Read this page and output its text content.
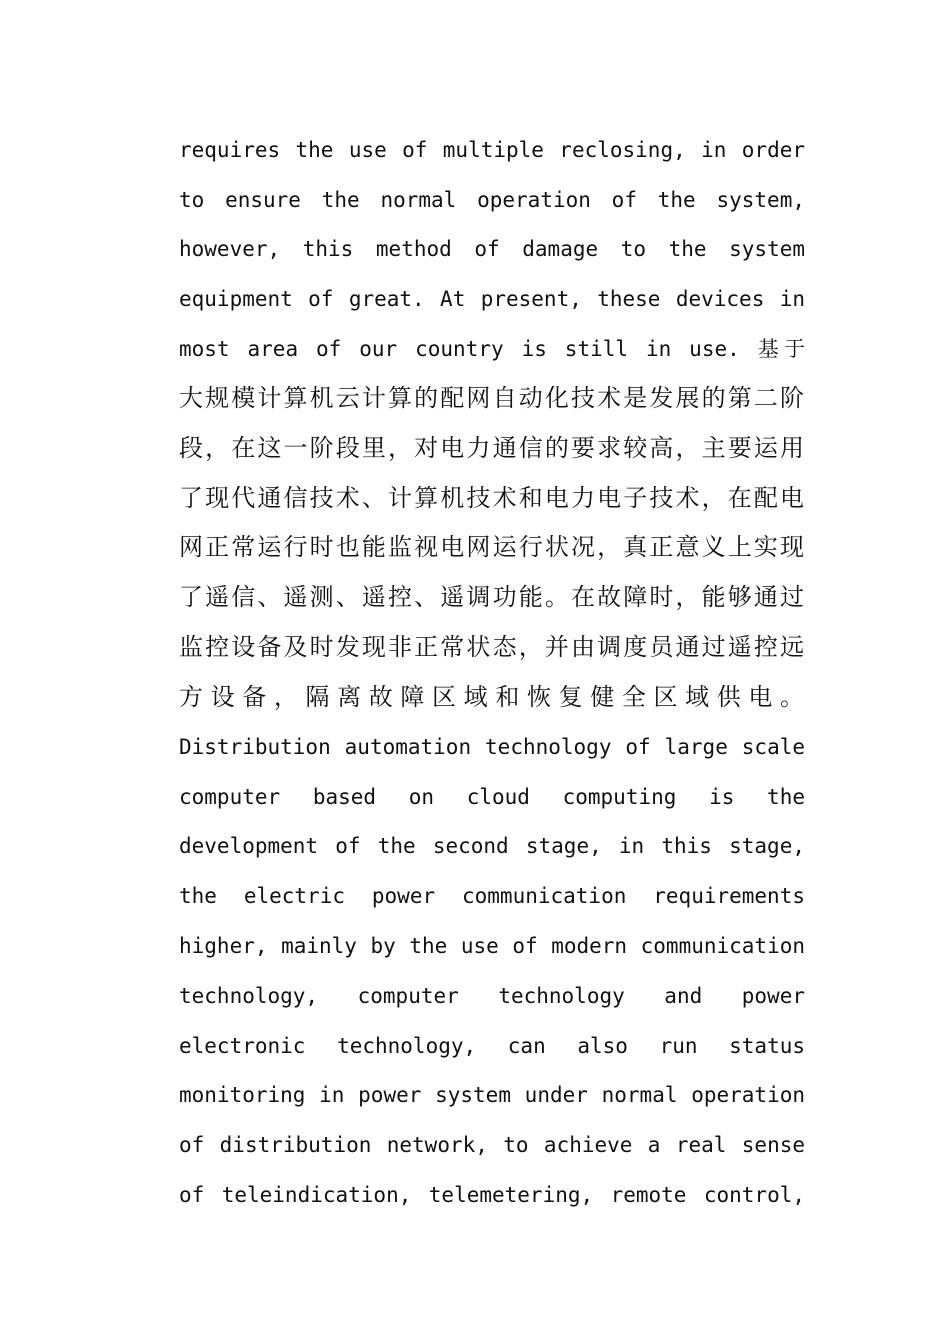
requires the use of multiple reclosing, in order
to ensure the normal operation of the system,
however, this method of damage to the system
equipment of great. At present, these devices in
most area of our country is still in use. 基于
大规模计算机云计算的配网自动化技术是发展的第二阶
段，在这一阶段里，对电力通信的要求较高，主要运用
了现代通信技术、计算机技术和电力电子技术，在配电
网正常运行时也能监视电网运行状况，真正意义上实现
了遥信、遥测、遥控、遥调功能。在故障时，能够通过
监控设备及时发现非正常状态，并由调度员通过遥控远
方设备，隔离故障区域和恢复健全区域供电。
Distribution automation technology of large scale
computer based on cloud computing is the
development of the second stage, in this stage,
the electric power communication requirements
higher, mainly by the use of modern communication
technology, computer technology and power
electronic technology, can also run status
monitoring in power system under normal operation
of distribution network, to achieve a real sense
of teleindication, telemetering, remote control,
